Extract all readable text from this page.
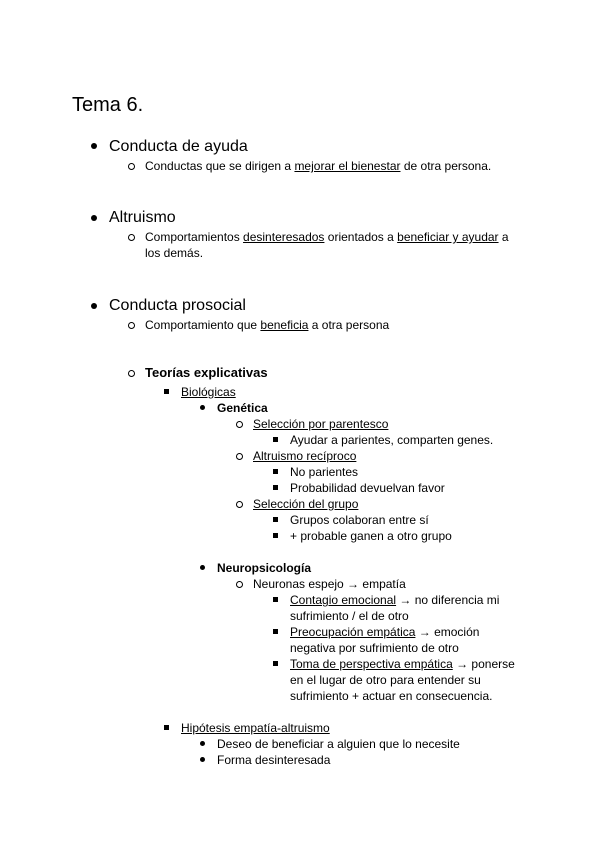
Tema 6.
Conducta de ayuda
Conductas que se dirigen a mejorar el bienestar de otra persona.
Altruismo
Comportamientos desinteresados orientados a beneficiar y ayudar a
los demás.
Conducta prosocial
Comportamiento que beneficia a otra persona
Teorías explicativas
Biológicas
Genética
Selección por parentesco
Ayudar a parientes, comparten genes.
Altruismo recíproco
No parientes
Probabilidad devuelvan favor
Selección del grupo
Grupos colaboran entre sí
+ probable ganen a otro grupo
Neuropsicología
Neuronas espejo → empatía
Contagio emocional → no diferencia mi
sufrimiento / el de otro
Preocupación empática → emoción
negativa por sufrimiento de otro
Toma de perspectiva empática → ponerse
en el lugar de otro para entender su
sufrimiento + actuar en consecuencia.
Hipótesis empatía-altruismo
Deseo de beneficiar a alguien que lo necesite
Forma desinteresada
